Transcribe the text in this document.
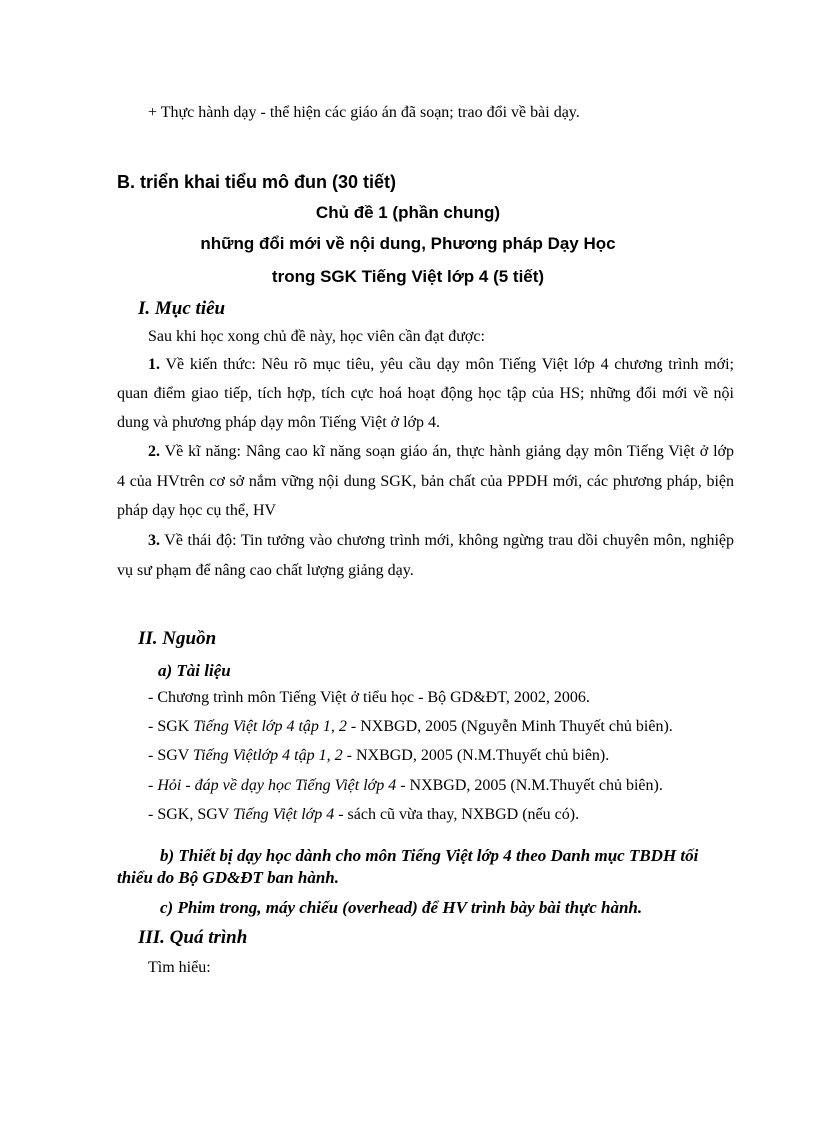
+ Thực hành dạy - thể hiện các giáo án đã soạn; trao đổi về bài dạy.
B. triển khai tiểu mô đun (30 tiết)
Chủ đề 1 (phần chung)
những đổi mới về nội dung, Phương pháp Dạy Học
trong SGK Tiếng Việt lớp 4 (5 tiết)
I. Mục tiêu
Sau khi học xong chủ đề này, học viên cần đạt được:
1. Về kiến thức: Nêu rõ mục tiêu, yêu cầu dạy môn Tiếng Việt lớp 4 chương trình mới;
quan điểm giao tiếp, tích hợp, tích cực hoá hoạt động học tập của HS; những đổi mới về nội
dung và phương pháp dạy môn Tiếng Việt ở lớp 4.
2. Về kĩ năng: Nâng cao kĩ năng soạn giáo án, thực hành giảng dạy môn Tiếng Việt ở lớp
4 của HVtrên cơ sở nắm vững nội dung SGK, bản chất của PPDH mới, các phương pháp, biện
pháp dạy học cụ thể, HV
3. Về thái độ: Tin tưởng vào chương trình mới, không ngừng trau dồi chuyên môn, nghiệp
vụ sư phạm để nâng cao chất lượng giảng dạy.
II. Nguồn
a) Tài liệu
- Chương trình môn Tiếng Việt ở tiểu học - Bộ GD&ĐT, 2002, 2006.
- SGK Tiếng Việt lớp 4 tập 1, 2 - NXBGD, 2005 (Nguyễn Minh Thuyết chủ biên).
- SGV Tiếng Việtlớp 4 tập 1, 2 - NXBGD, 2005 (N.M.Thuyết chủ biên).
- Hỏi - đáp về dạy học Tiếng Việt lớp 4 - NXBGD, 2005 (N.M.Thuyết chủ biên).
- SGK, SGV Tiếng Việt lớp 4 - sách cũ vừa thay, NXBGD (nếu có).
b) Thiết bị dạy học dành cho môn Tiếng Việt lớp 4 theo Danh mục TBDH tối
thiểu do Bộ GD&ĐT ban hành.
c) Phim trong, máy chiếu (overhead) để HV trình bày bài thực hành.
III. Quá trình
Tìm hiểu:
